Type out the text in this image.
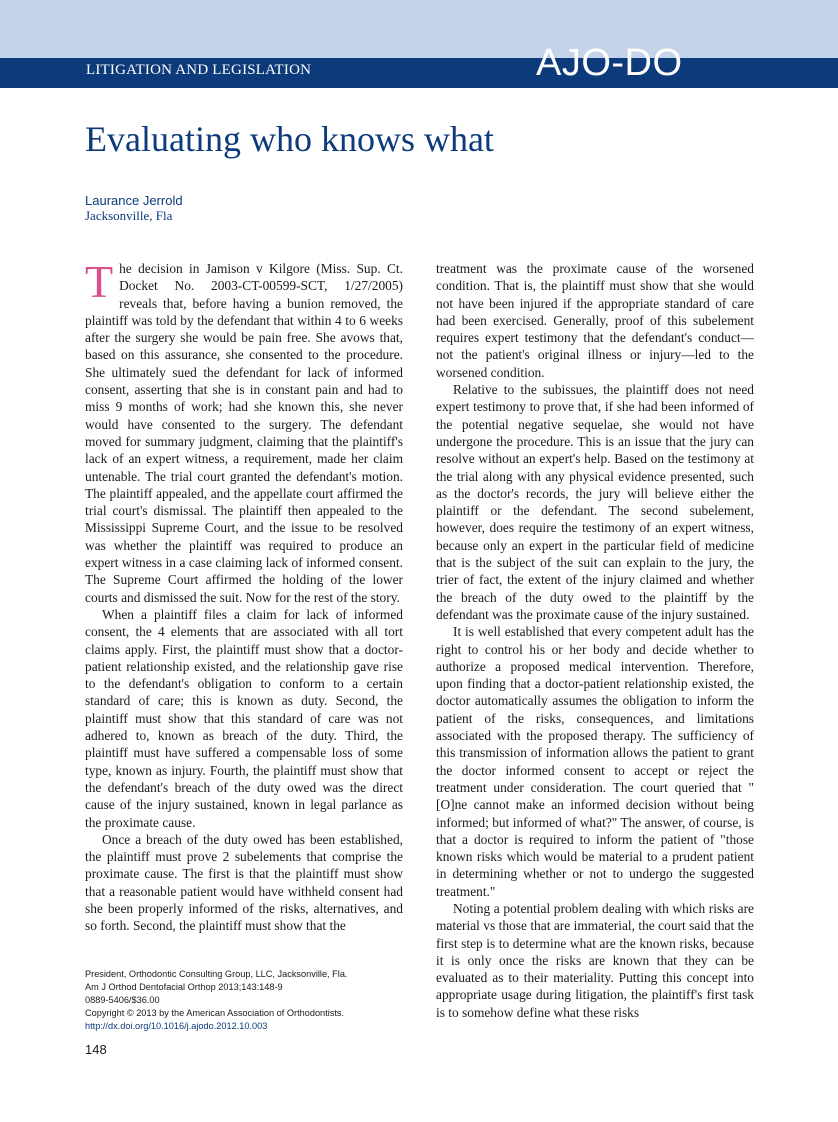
LITIGATION AND LEGISLATION	AJO-DO
Evaluating who knows what
Laurance Jerrold
Jacksonville, Fla

The decision in Jamison v Kilgore (Miss. Sup. Ct. Docket No. 2003-CT-00599-SCT, 1/27/2005) reveals that, before having a bunion removed, the plaintiff was told by the defendant that within 4 to 6 weeks after the surgery she would be pain free. She avows that, based on this assurance, she consented to the procedure. She ultimately sued the defendant for lack of informed consent, asserting that she is in constant pain and had to miss 9 months of work; had she known this, she never would have consented to the surgery. The defendant moved for summary judgment, claiming that the plaintiff's lack of an expert witness, a requirement, made her claim untenable. The trial court granted the defendant's motion. The plaintiff appealed, and the appellate court affirmed the trial court's dismissal. The plaintiff then appealed to the Mississippi Supreme Court, and the issue to be resolved was whether the plaintiff was required to produce an expert witness in a case claiming lack of informed consent. The Supreme Court affirmed the holding of the lower courts and dismissed the suit. Now for the rest of the story.

When a plaintiff files a claim for lack of informed consent, the 4 elements that are associated with all tort claims apply. First, the plaintiff must show that a doctor-patient relationship existed, and the relationship gave rise to the defendant's obligation to conform to a certain standard of care; this is known as duty. Second, the plaintiff must show that this standard of care was not adhered to, known as breach of the duty. Third, the plaintiff must have suffered a compensable loss of some type, known as injury. Fourth, the plaintiff must show that the defendant's breach of the duty owed was the direct cause of the injury sustained, known in legal parlance as the proximate cause.

Once a breach of the duty owed has been established, the plaintiff must prove 2 subelements that comprise the proximate cause. The first is that the plaintiff must show that a reasonable patient would have withheld consent had she been properly informed of the risks, alternatives, and so forth. Second, the plaintiff must show that the

treatment was the proximate cause of the worsened condition. That is, the plaintiff must show that she would not have been injured if the appropriate standard of care had been exercised. Generally, proof of this subelement requires expert testimony that the defendant's conduct—not the patient's original illness or injury—led to the worsened condition.

Relative to the subissues, the plaintiff does not need expert testimony to prove that, if she had been informed of the potential negative sequelae, she would not have undergone the procedure. This is an issue that the jury can resolve without an expert's help. Based on the testimony at the trial along with any physical evidence presented, such as the doctor's records, the jury will believe either the plaintiff or the defendant. The second subelement, however, does require the testimony of an expert witness, because only an expert in the particular field of medicine that is the subject of the suit can explain to the jury, the trier of fact, the extent of the injury claimed and whether the breach of the duty owed to the plaintiff by the defendant was the proximate cause of the injury sustained.

It is well established that every competent adult has the right to control his or her body and decide whether to authorize a proposed medical intervention. Therefore, upon finding that a doctor-patient relationship existed, the doctor automatically assumes the obligation to inform the patient of the risks, consequences, and limitations associated with the proposed therapy. The sufficiency of this transmission of information allows the patient to grant the doctor informed consent to accept or reject the treatment under consideration. The court queried that "[O]ne cannot make an informed decision without being informed; but informed of what?" The answer, of course, is that a doctor is required to inform the patient of "those known risks which would be material to a prudent patient in determining whether or not to undergo the suggested treatment."

Noting a potential problem dealing with which risks are material vs those that are immaterial, the court said that the first step is to determine what are the known risks, because it is only once the risks are known that they can be evaluated as to their materiality. Putting this concept into appropriate usage during litigation, the plaintiff's first task is to somehow define what these risks

President, Orthodontic Consulting Group, LLC, Jacksonville, Fla.
Am J Orthod Dentofacial Orthop 2013;143:148-9
0889-5406/$36.00
Copyright © 2013 by the American Association of Orthodontists.
http://dx.doi.org/10.1016/j.ajodo.2012.10.003
148
